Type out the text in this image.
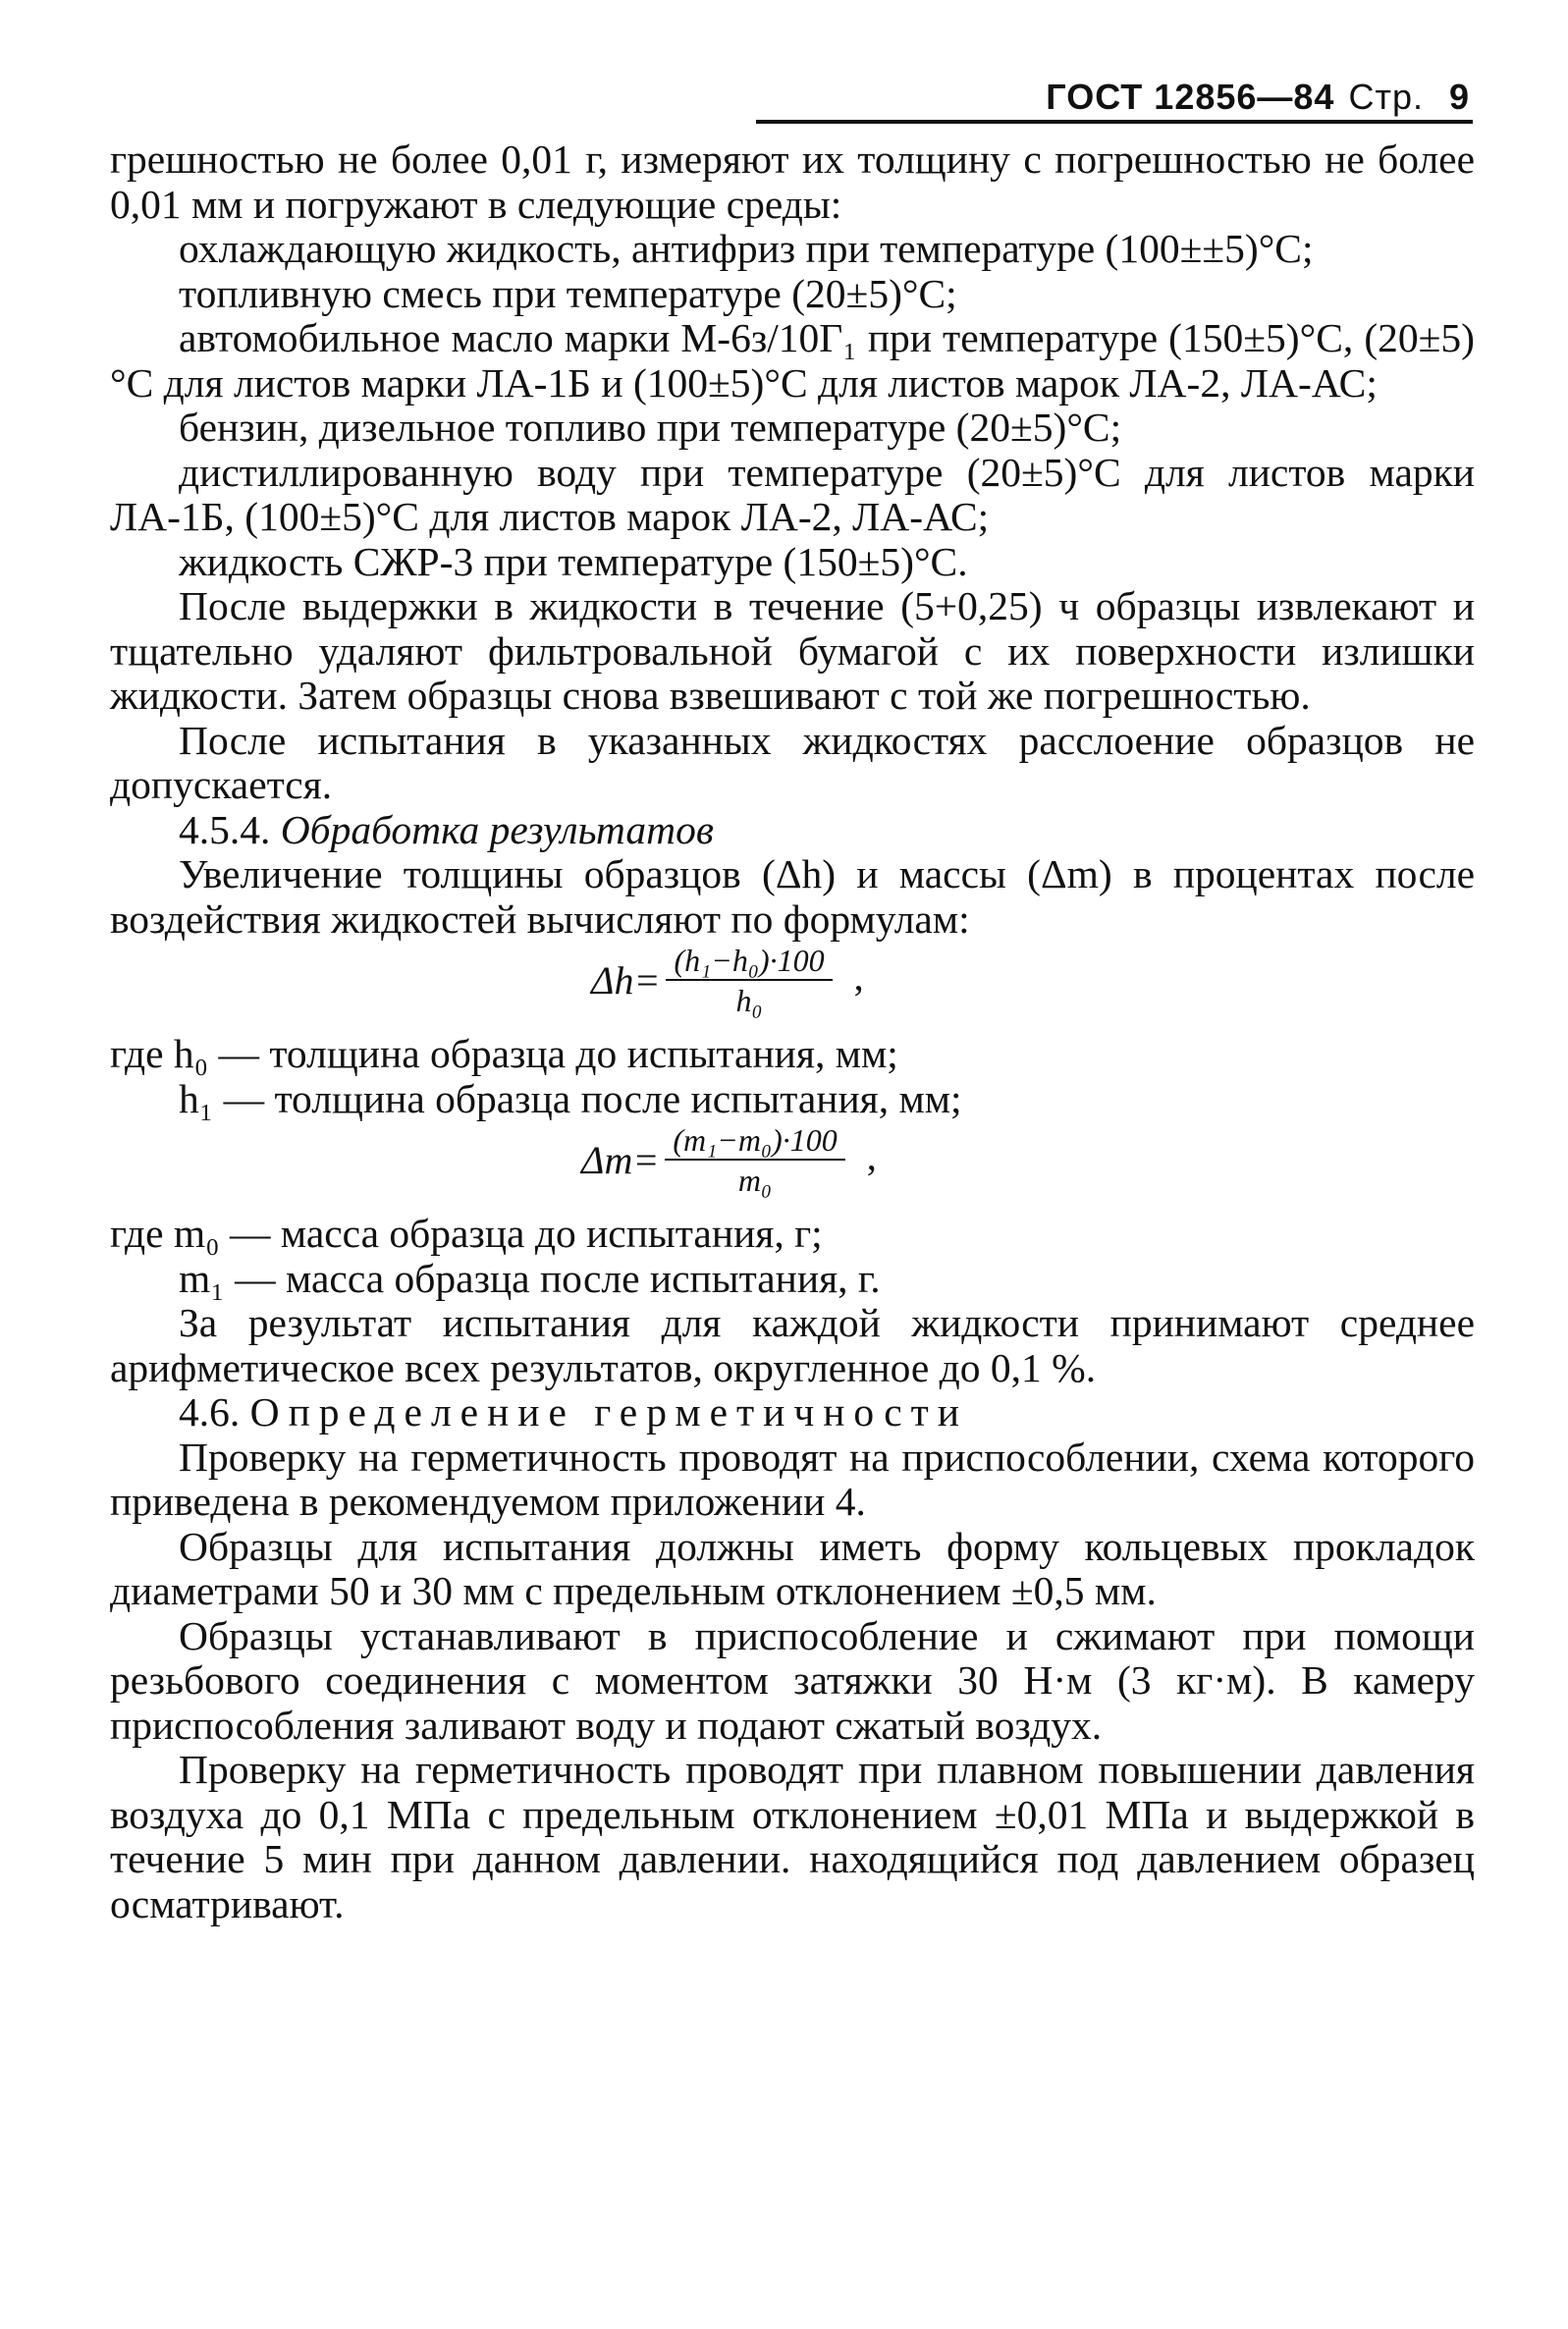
ГОСТ 12856—84 Стр. 9

грешностью не более 0,01 г, измеряют их толщину с погрешностью не более 0,01 мм и погружают в следующие среды:

охлаждающую жидкость, антифриз при температуре (100±±5)°С;

топливную смесь при температуре (20±5)°С;

автомобильное масло марки М-6з/10Г₁ при температуре (150±5)°С, (20±5)°С для листов марки ЛА-1Б и (100±5)°С для листов марок ЛА-2, ЛА-АС;

бензин, дизельное топливо при температуре (20±5)°С;

дистиллированную воду при температуре (20±5)°С для листов марки ЛА-1Б, (100±5)°С для листов марок ЛА-2, ЛА-АС;

жидкость СЖР-3 при температуре (150±5)°С.

После выдержки в жидкости в течение (5+0,25) ч образцы извлекают и тщательно удаляют фильтровальной бумагой с их поверхности излишки жидкости. Затем образцы снова взвешивают с той же погрешностью.

После испытания в указанных жидкостях расслоение образцов не допускается.

4.5.4. Обработка результатов

Увеличение толщины образцов (Δh) и массы (Δm) в процентах после воздействия жидкостей вычисляют по формулам:

$\Delta h= \frac{\text{(h₁−h₀)·100}}{\text{h₀}}$ ,

где h₀ — толщина образца до испытания, мм;

h₁ — толщина образца после испытания, мм;

$\Delta m= \frac{\text{(m₁−m₀)·100}}{\text{m₀}}$ ,

где m₀ — масса образца до испытания, г;

m₁ — масса образца после испытания, г.

За результат испытания для каждой жидкости принимают среднее арифметическое всех результатов, округленное до 0,1 %.

4.6. Определение герметичности

Проверку на герметичность проводят на приспособлении, схема которого приведена в рекомендуемом приложении 4.

Образцы для испытания должны иметь форму кольцевых прокладок диаметрами 50 и 30 мм с предельным отклонением ±0,5 мм.

Образцы устанавливают в приспособление и сжимают при помощи резьбового соединения с моментом затяжки 30 Н·м (3 кг·м). В камеру приспособления заливают воду и подают сжатый воздух.

Проверку на герметичность проводят при плавном повышении давления воздуха до 0,1 МПа с предельным отклонением ±0,01 МПа и выдержкой в течение 5 мин при данном давлении. находящийся под давлением образец осматривают.
